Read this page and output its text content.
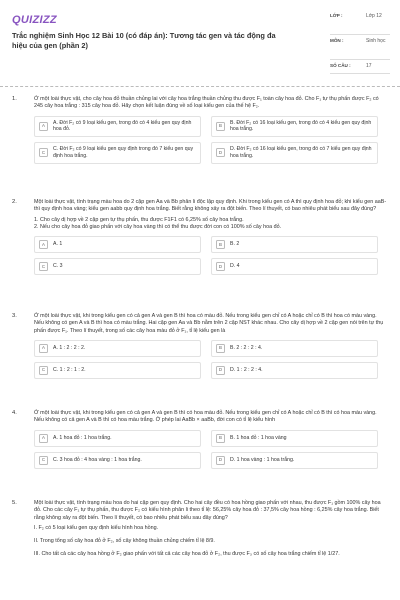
QUIZIZZ
Trắc nghiệm Sinh Học 12 Bài 10 (có đáp án): Tương tác gen và tác động đa hiệu của gen (phần 2)
LỚP :	Lớp 12
MÔN :	Sinh học
SỐ CÂU :	17
1.	Ở một loài thực vật, cho cây hoa đỏ thuần chủng lai với cây hoa trắng thuần chủng thu được F₁ toàn cây hoa đỏ. Cho F₁ tự thụ phấn được F₂ có 245 cây hoa trắng : 315 cây hoa đỏ. Hãy chọn kết luận đúng về số loại kiểu gen của thế hệ F₂.

A
A. Đời F₂ có 9 loại kiểu gen, trong đó có 4 kiểu gen quy định hoa đỏ.
B
B. Đời F₂ có 16 loại kiểu gen, trong đó có 4 kiểu gen quy định hoa trắng.
C
C. Đời F₂ có 9 loại kiểu gen quy định trong đó 7 kiểu gen quy định hoa trắng.
D
D. Đời F₂ có 16 loại kiểu gen, trong đó có 7 kiểu gen quy định hoa trắng.
2.	Một loài thực vật, tính trạng màu hoa do 2 cặp gen Aa và Bb phân li độc lập quy định. Khi trong kiểu gen có A thì quy định hoa đỏ; khi kiểu gen aaB- thì quy định hoa vàng; kiểu gen aabb quy định hoa trắng. Biết rằng không xảy ra đột biến. Theo lí thuyết, có bao nhiêu phát biểu sau đây đúng?

1. Cho cây dị hợp về 2 cặp gen tự thụ phấn, thu được F1F1 có 6,25% số cây hoa trắng.

2. Nếu cho cây hoa đỏ giao phấn với cây hoa vàng thì có thể thu được đời con có 100% số cây hoa đỏ.

A	A. 1	B	B. 2
C	C. 3	D	D. 4
3.	Ở một loài thực vật, khi trong kiểu gen có cả gen A và gen B thì hoa có màu đỏ. Nếu trong kiểu gen chỉ có A hoặc chỉ có B thì hoa có màu vàng. Nếu không có gen A và B thì hoa có màu trắng. Hai cặp gen Aa và Bb nằm trên 2 cặp NST khác nhau. Cho cây dị hợp về 2 cặp gen nói trên tự thụ phấn được F₁. Theo lí thuyết, trong số các cây hoa màu đỏ ở F₁, tỉ lệ kiểu gen là

A	A. 1 : 2 : 2 : 2.	B	B. 2 : 2 : 2 : 4.
C	C. 1 : 2 : 1 : 2.	D	D. 1 : 2 : 2 : 4.
4.	Ở một loài thực vật, khi trong kiểu gen có cả gen A và gen B thì có hoa màu đỏ. Nếu trong kiểu gen chỉ có A hoặc chỉ có B thì có hoa màu vàng. Nếu không có cả gen A và B thì có hoa màu trắng. Ở phép lai AaBb × aaBb, đời con có tỉ lệ kiểu hình

A	A. 1 hoa đỏ : 1 hoa trắng.	B	B. 1 hoa đỏ : 1 hoa vàng
C	C. 3 hoa đỏ : 4 hoa vàng : 1 hoa trắng.	D	D. 1 hoa vàng : 1 hoa trắng.
5.	Một loài thực vật, tính trạng màu hoa do hai cặp gen quy định. Cho hai cây đều có hoa hồng giao phấn với nhau, thu được F₁ gồm 100% cây hoa đỏ. Cho các cây F₁ tự thụ phấn, thu được F₂ có kiểu hình phân li theo tỉ lệ: 56,25% cây hoa đỏ : 37,5% cây hoa hồng : 6,25% cây hoa trắng. Biết rằng không xảy ra đột biến. Theo lí thuyết, có bao nhiêu phát biểu sau đây đúng?

I. F₂ có 5 loại kiểu gen quy định kiểu hình hoa hồng.

II. Trong tổng số cây hoa đỏ ở F₂, số cây không thuần chủng chiếm tỉ lệ 8/9.

III. Cho tất cả các cây hoa hồng ở F₂ giao phấn với tất cả các cây hoa đỏ ở F₂, thu được F₃ có số cây hoa trắng chiếm tỉ lệ 1/27.
